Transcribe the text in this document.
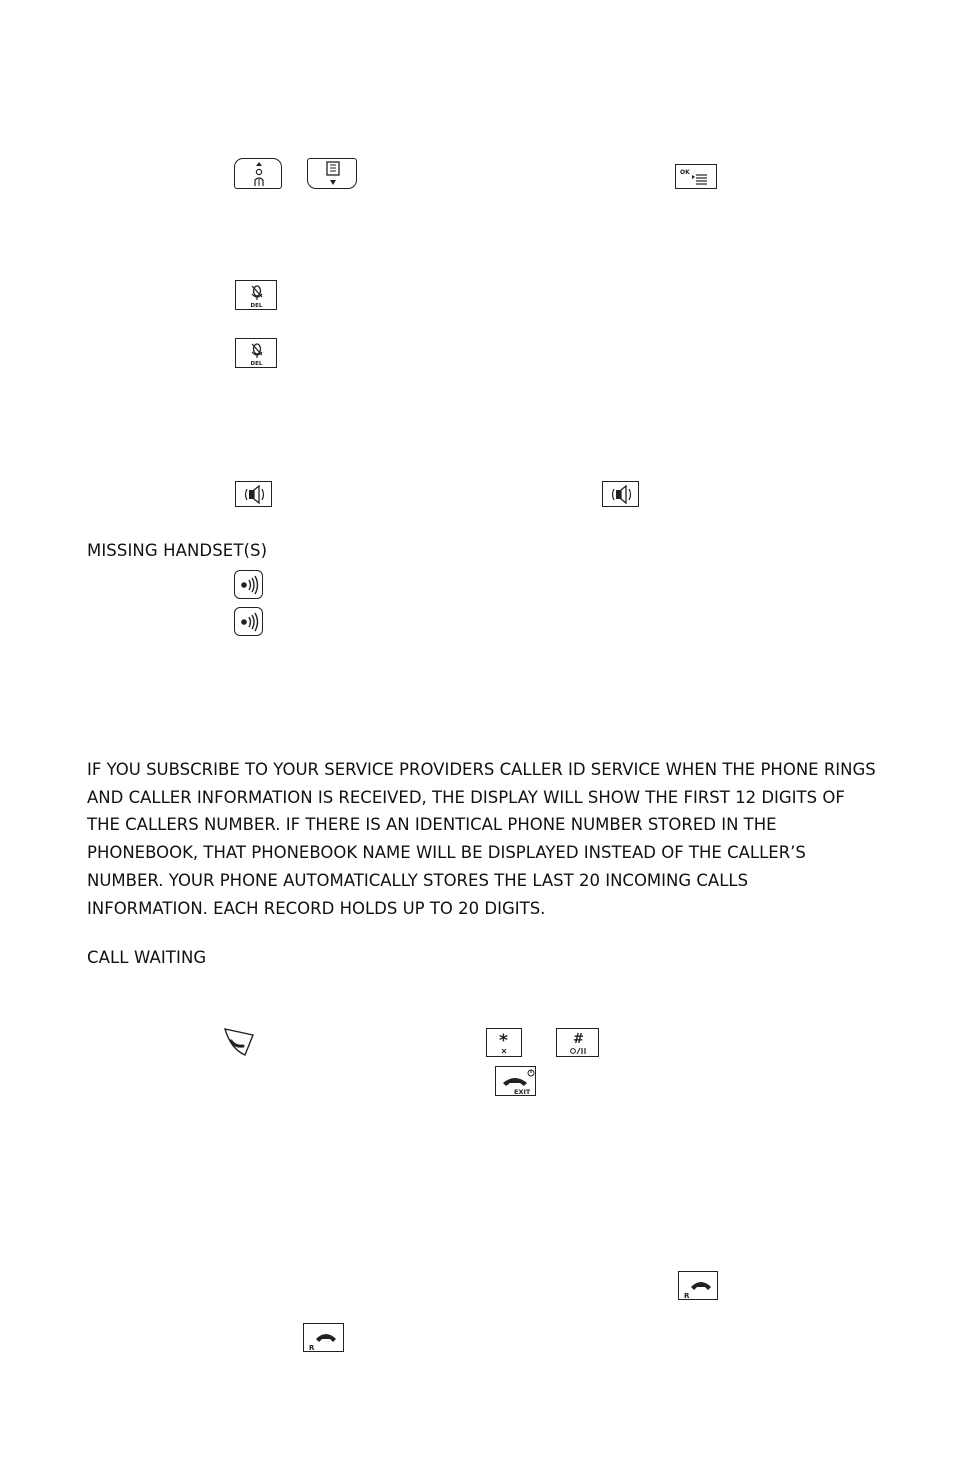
OK
DEL
DEL
MISSING HANDSET(S)
IF YOU SUBSCRIBE TO YOUR SERVICE PROVIDERS CALLER ID SERVICE WHEN THE PHONE RINGS
AND CALLER INFORMATION IS RECEIVED, THE DISPLAY WILL SHOW THE FIRST 12 DIGITS OF
THE CALLERS NUMBER. IF THERE IS AN IDENTICAL PHONE NUMBER STORED IN THE
PHONEBOOK, THAT PHONEBOOK NAME WILL BE DISPLAYED INSTEAD OF THE CALLER’S
NUMBER. YOUR PHONE AUTOMATICALLY STORES THE LAST 20 INCOMING CALLS
INFORMATION. EACH RECORD HOLDS UP TO 20 DIGITS.
CALL WAITING
*	#
EXIT
R
R
